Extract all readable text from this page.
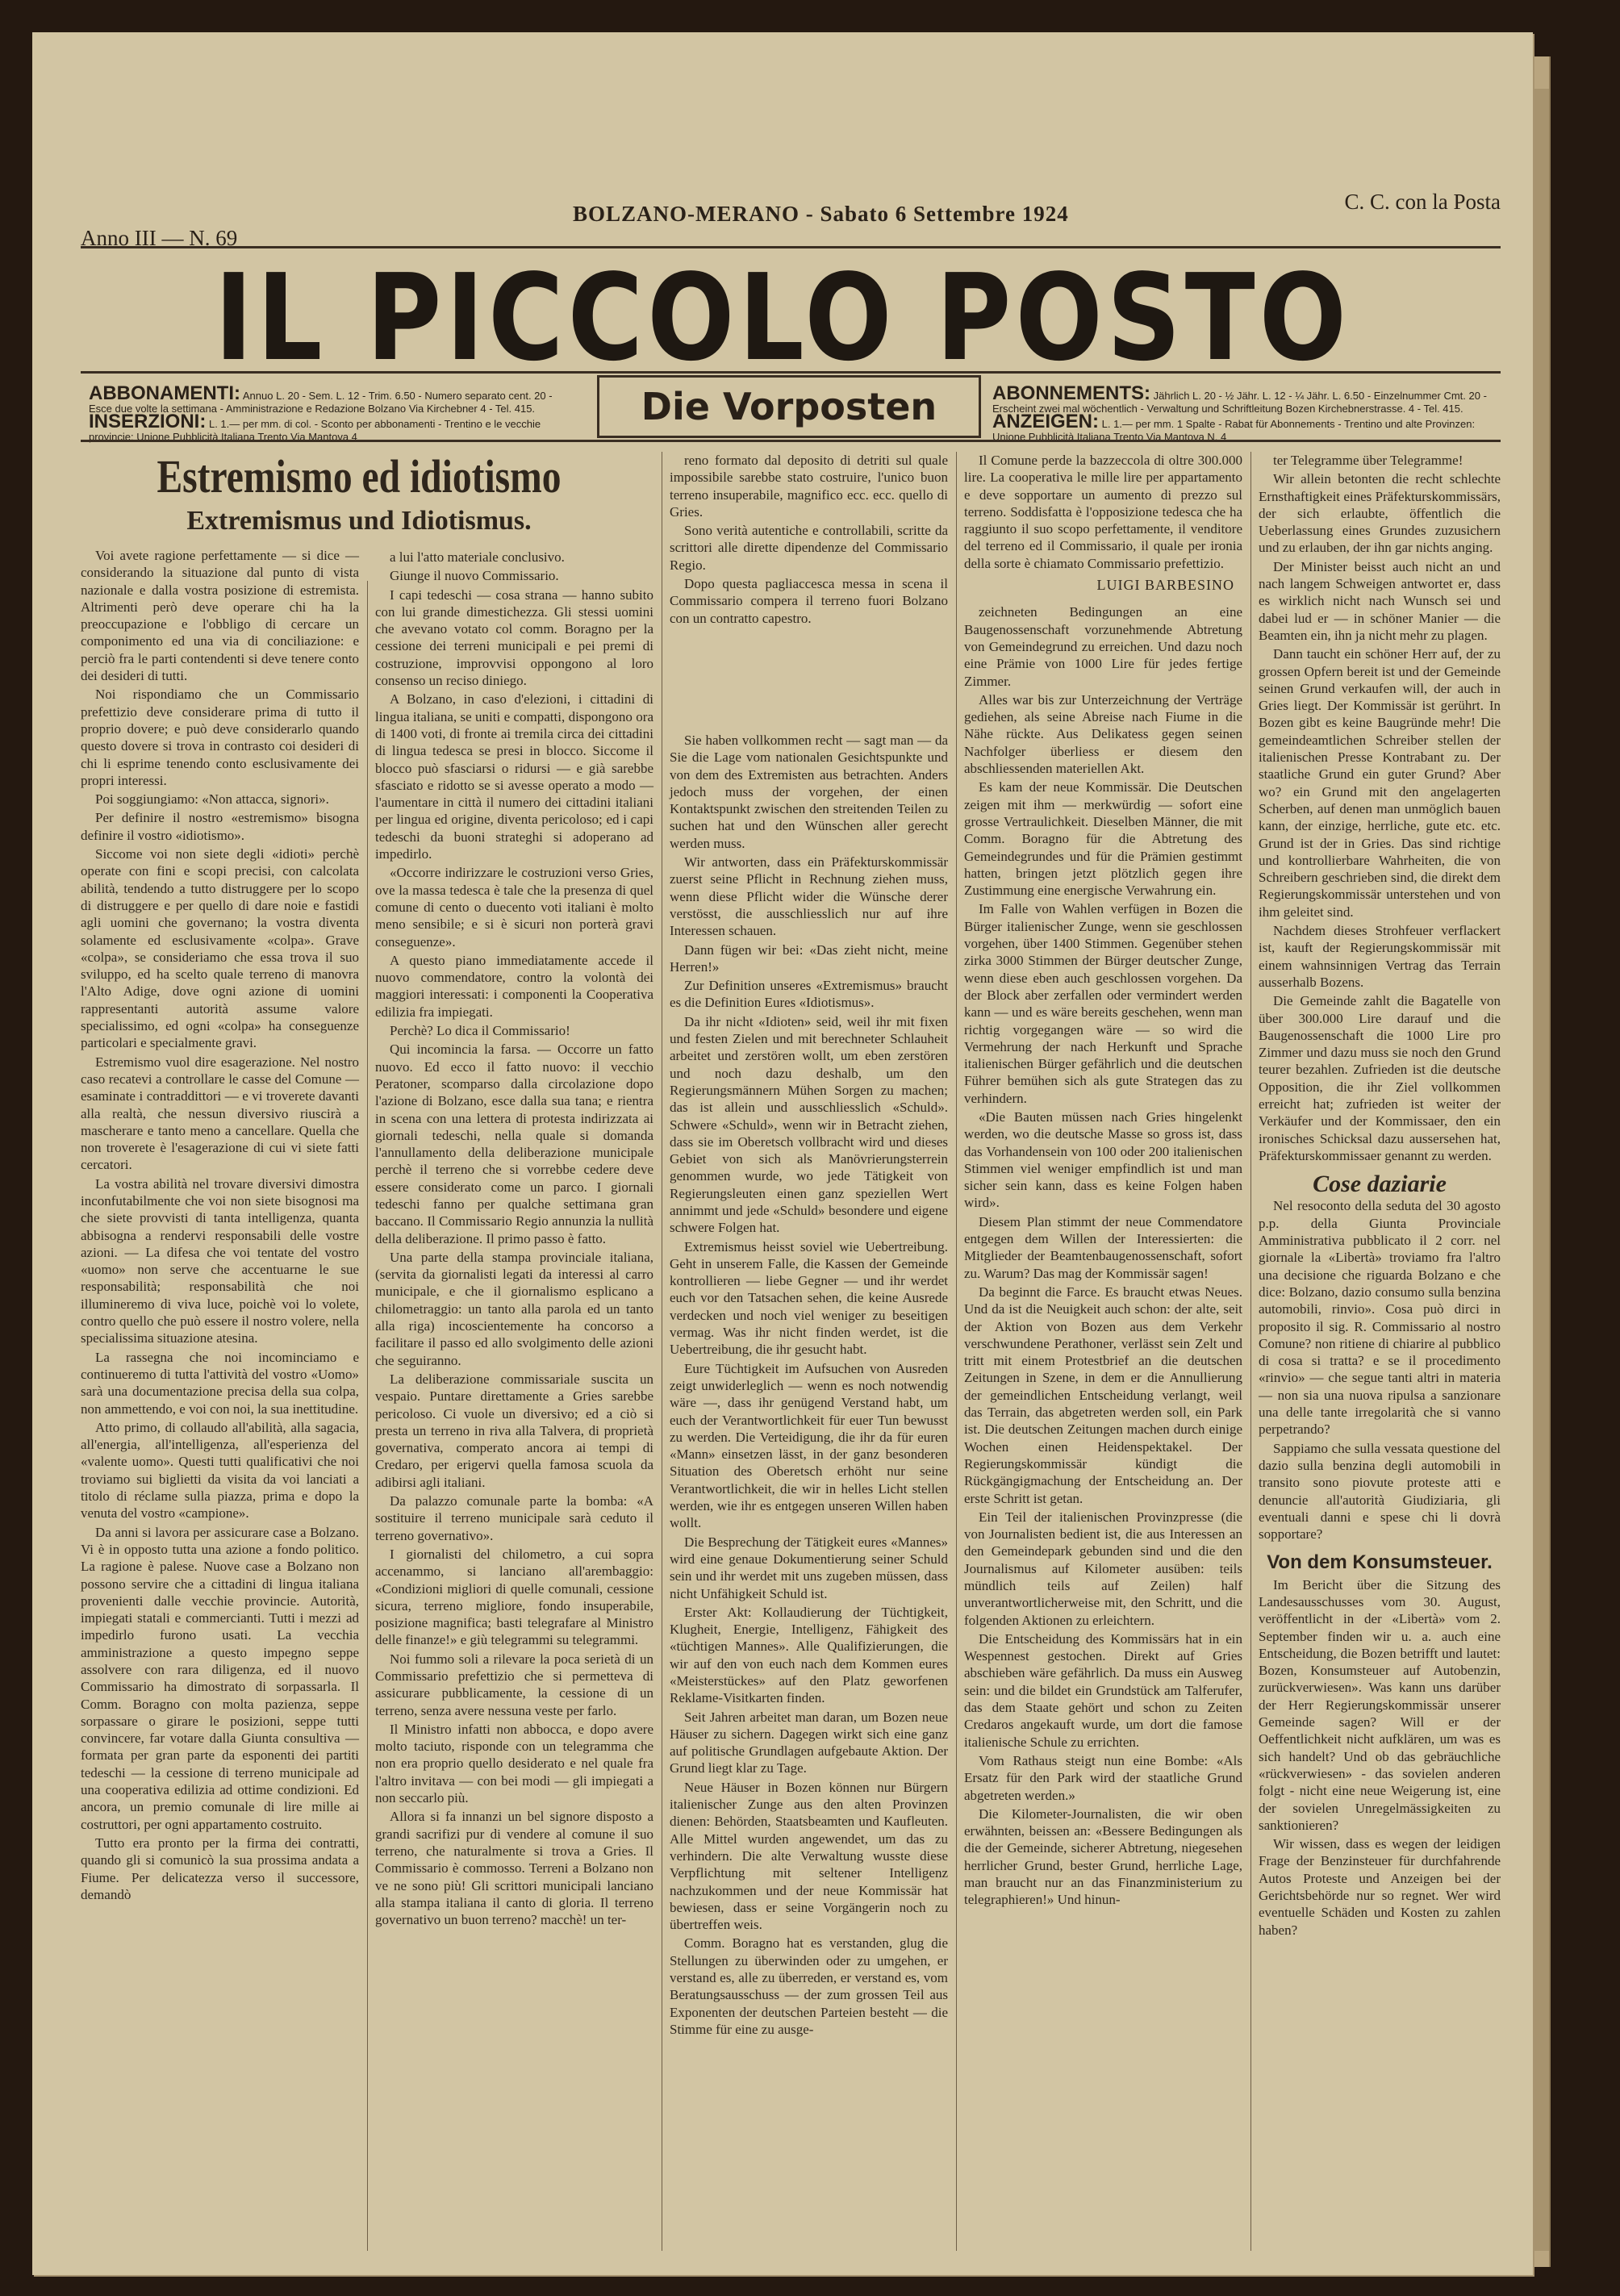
Anno III — N. 69
BOLZANO-MERANO - Sabato 6 Settembre 1924	C. C. con la Posta
IL PICCOLO POSTO
ABBONAMENTI: Annuo L. 20 - Sem. L. 12 - Trim. 6.50 - Numero separato cent. 20 - Esce due volte la settimana - Amministrazione e Redazione Bolzano Via Kirchebner 4 - Tel. 415.
INSERZIONI: L. 1.— per mm. di col. - Sconto per abbonamenti - Trentino e le vecchie provincie: Unione Pubblicità Italiana Trento Via Mantova 4
Die Vorposten	ABONNEMENTS: Jährlich L. 20 - ½ Jähr. L. 12 - ¼ Jähr. L. 6.50 - Einzelnummer Cmt. 20 - Erscheint zwei mal wöchentlich - Verwaltung und Schriftleitung Bozen Kirchebnerstrasse. 4 - Tel. 415.
ANZEIGEN: L. 1.— per mm. 1 Spalte - Rabat für Abonnements - Trentino und alte Provinzen: Unione Pubblicità Italiana Trento Via Mantova N. 4
Estremismo ed idiotismo
Extremismus und Idiotismus.

Voi avete ragione perfettamente — si dice — considerando la situazione dal punto di vista nazionale e dalla vostra posizione di estremista. Altrimenti però deve operare chi ha la preoccupazione e l'obbligo di cercare un componimento ed una via di conciliazione: e perciò fra le parti contendenti si deve tenere conto dei desideri di tutti.

Noi rispondiamo che un Commissario prefettizio deve considerare prima di tutto il proprio dovere; e può deve considerarlo quando questo dovere si trova in contrasto coi desideri di chi li esprime tenendo conto esclusivamente dei propri interessi.

Poi soggiungiamo: «Non attacca, signori».

Per definire il nostro «estremismo» bisogna definire il vostro «idiotismo».

Siccome voi non siete degli «idioti» perchè operate con fini e scopi precisi, con calcolata abilità, tendendo a tutto distruggere per lo scopo di distruggere e per quello di dare noie e fastidi agli uomini che governano; la vostra diventa solamente ed esclusivamente «colpa». Grave «colpa», se consideriamo che essa trova il suo sviluppo, ed ha scelto quale terreno di manovra l'Alto Adige, dove ogni azione di uomini rappresentanti autorità assume valore specialissimo, ed ogni «colpa» ha conseguenze particolari e specialmente gravi.

Estremismo vuol dire esagerazione. Nel nostro caso recatevi a controllare le casse del Comune — esaminate i contraddittori — e vi troverete davanti alla realtà, che nessun diversivo riuscirà a mascherare e tanto meno a cancellare. Quella che non troverete è l'esagerazione di cui vi siete fatti cercatori.

La vostra abilità nel trovare diversivi dimostra inconfutabilmente che voi non siete bisognosi ma che siete provvisti di tanta intelligenza, quanta abbisogna a rendervi responsabili delle vostre azioni. — La difesa che voi tentate del vostro «uomo» non serve che accentuarne le sue responsabilità; responsabilità che noi illumineremo di viva luce, poichè voi lo volete, contro quello che può essere il nostro volere, nella specialissima situazione atesina.

La rassegna che noi incominciamo e continueremo di tutta l'attività del vostro «Uomo» sarà una documentazione precisa della sua colpa, non ammettendo, e voi con noi, la sua inettitudine.

Atto primo, di collaudo all'abilità, alla sagacia, all'energia, all'intelligenza, all'esperienza del «valente uomo». Questi tutti qualificativi che noi troviamo sui biglietti da visita da voi lanciati a titolo di réclame sulla piazza, prima e dopo la venuta del vostro «campione».

Da anni si lavora per assicurare case a Bolzano. Vi è in opposto tutta una azione a fondo politico. La ragione è palese. Nuove case a Bolzano non possono servire che a cittadini di lingua italiana provenienti dalle vecchie provincie. Autorità, impiegati statali e commercianti. Tutti i mezzi ad impedirlo furono usati. La vecchia amministrazione a questo impegno seppe assolvere con rara diligenza, ed il nuovo Commissario ha dimostrato di sorpassarla. Il Comm. Boragno con molta pazienza, seppe sorpassare o girare le posizioni, seppe tutti convincere, far votare dalla Giunta consultiva — formata per gran parte da esponenti dei partiti tedeschi — la cessione di terreno municipale ad una cooperativa edilizia ad ottime condizioni. Ed ancora, un premio comunale di lire mille ai costruttori, per ogni appartamento costruito.

Tutto era pronto per la firma dei contratti, quando gli si comunicò la sua prossima andata a Fiume. Per delicatezza verso il successore, demandò

a lui l'atto materiale conclusivo.

Giunge il nuovo Commissario.

I capi tedeschi — cosa strana — hanno subito con lui grande dimestichezza. Gli stessi uomini che avevano votato col comm. Boragno per la cessione dei terreni municipali e pei premi di costruzione, improvvisi oppongono al loro consenso un reciso diniego.

A Bolzano, in caso d'elezioni, i cittadini di lingua italiana, se uniti e compatti, dispongono ora di 1400 voti, di fronte ai tremila circa dei cittadini di lingua tedesca se presi in blocco. Siccome il blocco può sfasciarsi o ridursi — e già sarebbe sfasciato e ridotto se si avesse operato a modo — l'aumentare in città il numero dei cittadini italiani per lingua ed origine, diventa pericoloso; ed i capi tedeschi da buoni strateghi si adoperano ad impedirlo.

«Occorre indirizzare le costruzioni verso Gries, ove la massa tedesca è tale che la presenza di quel comune di cento o duecento voti italiani è molto meno sensibile; e si è sicuri non porterà gravi conseguenze».

A questo piano immediatamente accede il nuovo commendatore, contro la volontà dei maggiori interessati: i componenti la Cooperativa edilizia fra impiegati.

Perchè? Lo dica il Commissario!

Qui incomincia la farsa. — Occorre un fatto nuovo. Ed ecco il fatto nuovo: il vecchio Peratoner, scomparso dalla circolazione dopo l'azione di Bolzano, esce dalla sua tana; e rientra in scena con una lettera di protesta indirizzata ai giornali tedeschi, nella quale si domanda l'annullamento della deliberazione municipale perchè il terreno che si vorrebbe cedere deve essere considerato come un parco. I giornali tedeschi fanno per qualche settimana gran baccano. Il Commissario Regio annunzia la nullità della deliberazione. Il primo passo è fatto.

Una parte della stampa provinciale italiana, (servita da giornalisti legati da interessi al carro municipale, e che il giornalismo esplicano a chilometraggio: un tanto alla parola ed un tanto alla riga) incoscientemente ha concorso a facilitare il passo ed allo svolgimento delle azioni che seguiranno.

La deliberazione commissariale suscita un vespaio. Puntare direttamente a Gries sarebbe pericoloso. Ci vuole un diversivo; ed a ciò si presta un terreno in riva alla Talvera, di proprietà governativa, comperato ancora ai tempi di Credaro, per erigervi quella famosa scuola da adibirsi agli italiani.

Da palazzo comunale parte la bomba: «A sostituire il terreno municipale sarà ceduto il terreno governativo».

I giornalisti del chilometro, a cui sopra accenammo, si lanciano all'arembaggio: «Condizioni migliori di quelle comunali, cessione sicura, terreno migliore, fondo insuperabile, posizione magnifica; basti telegrafare al Ministro delle finanze!» e giù telegrammi su telegrammi.

Noi fummo soli a rilevare la poca serietà di un Commissario prefettizio che si permetteva di assicurare pubblicamente, la cessione di un terreno, senza avere nessuna veste per farlo.

Il Ministro infatti non abbocca, e dopo avere molto taciuto, risponde con un telegramma che non era proprio quello desiderato e nel quale fra l'altro invitava — con bei modi — gli impiegati a non seccarlo più.

Allora si fa innanzi un bel signore disposto a grandi sacrifizi pur di vendere al comune il suo terreno, che naturalmente si trova a Gries. Il Commissario è commosso. Terreni a Bolzano non ve ne sono più! Gli scrittori municipali lanciano alla stampa italiana il canto di gloria. Il terreno governativo un buon terreno? macchè! un ter-

reno formato dal deposito di detriti sul quale impossibile sarebbe stato costruire, l'unico buon terreno insuperabile, magnifico ecc. ecc. quello di Gries.

Sono verità autentiche e controllabili, scritte da scrittori alle dirette dipendenze del Commissario Regio.

Dopo questa pagliaccesca messa in scena il Commissario compera il terreno fuori Bolzano con un contratto capestro.

Sie haben vollkommen recht — sagt man — da Sie die Lage vom nationalen Gesichtspunkte und von dem des Extremisten aus betrachten. Anders jedoch muss der vorgehen, der einen Kontaktspunkt zwischen den streitenden Teilen zu suchen hat und den Wünschen aller gerecht werden muss.

Wir antworten, dass ein Präfekturskommissär zuerst seine Pflicht in Rechnung ziehen muss, wenn diese Pflicht wider die Wünsche derer verstösst, die ausschliesslich nur auf ihre Interessen schauen.

Dann fügen wir bei: «Das zieht nicht, meine Herren!»

Zur Definition unseres «Extremismus» braucht es die Definition Eures «Idiotismus».

Da ihr nicht «Idioten» seid, weil ihr mit fixen und festen Zielen und mit berechneter Schlauheit arbeitet und zerstören wollt, um eben zerstören und noch dazu deshalb, um den Regierungsmännern Mühen Sorgen zu machen; das ist allein und ausschliesslich «Schuld». Schwere «Schuld», wenn wir in Betracht ziehen, dass sie im Oberetsch vollbracht wird und dieses Gebiet von sich als Manövrierungsterrein genommen wurde, wo jede Tätigkeit von Regierungsleuten einen ganz speziellen Wert annimmt und jede «Schuld» besondere und eigene schwere Folgen hat.

Extremismus heisst soviel wie Uebertreibung. Geht in unserem Falle, die Kassen der Gemeinde kontrollieren — liebe Gegner — und ihr werdet euch vor den Tatsachen sehen, die keine Ausrede verdecken und noch viel weniger zu beseitigen vermag. Was ihr nicht finden werdet, ist die Uebertreibung, die ihr gesucht habt.

Eure Tüchtigkeit im Aufsuchen von Ausreden zeigt unwiderleglich — wenn es noch notwendig wäre —, dass ihr genügend Verstand habt, um euch der Verantwortlichkeit für euer Tun bewusst zu werden. Die Verteidigung, die ihr da für euren «Mann» einsetzen lässt, in der ganz besonderen Situation des Oberetsch erhöht nur seine Verantwortlichkeit, die wir in helles Licht stellen werden, wie ihr es entgegen unseren Willen haben wollt.

Die Besprechung der Tätigkeit eures «Mannes» wird eine genaue Dokumentierung seiner Schuld sein und ihr werdet mit uns zugeben müssen, dass nicht Unfähigkeit Schuld ist.

Erster Akt: Kollaudierung der Tüchtigkeit, Klugheit, Energie, Intelligenz, Fähigkeit des «tüchtigen Mannes». Alle Qualifizierungen, die wir auf den von euch nach dem Kommen eures «Meisterstückes» auf den Platz geworfenen Reklame-Visitkarten finden.

Seit Jahren arbeitet man daran, um Bozen neue Häuser zu sichern. Dagegen wirkt sich eine ganz auf politische Grundlagen aufgebaute Aktion. Der Grund liegt klar zu Tage.

Neue Häuser in Bozen können nur Bürgern italienischer Zunge aus den alten Provinzen dienen: Behörden, Staatsbeamten und Kaufleuten. Alle Mittel wurden angewendet, um das zu verhindern. Die alte Verwaltung wusste diese Verpflichtung mit seltener Intelligenz nachzukommen und der neue Kommissär hat bewiesen, dass er seine Vorgängerin noch zu übertreffen weis.

Comm. Boragno hat es verstanden, glug die Stellungen zu überwinden oder zu umgehen, er verstand es, alle zu überreden, er verstand es, vom Beratungsausschuss — der zum grossen Teil aus Exponenten der deutschen Parteien besteht — die Stimme für eine zu ausge-

Il Comune perde la bazzeccola di oltre 300.000 lire. La cooperativa le mille lire per appartamento e deve sopportare un aumento di prezzo sul terreno. Soddisfatta è l'opposizione tedesca che ha raggiunto il suo scopo perfettamente, il venditore del terreno ed il Commissario, il quale per ironia della sorte è chiamato Commissario prefettizio.

LUIGI BARBESINO

zeichneten Bedingungen an eine Baugenossenschaft vorzunehmende Abtretung von Gemeindegrund zu erreichen. Und dazu noch eine Prämie von 1000 Lire für jedes fertige Zimmer.

Alles war bis zur Unterzeichnung der Verträge gediehen, als seine Abreise nach Fiume in die Nähe rückte. Aus Delikatess gegen seinen Nachfolger überliess er diesem den abschliessenden materiellen Akt.

Es kam der neue Kommissär. Die Deutschen zeigen mit ihm — merkwürdig — sofort eine grosse Vertraulichkeit. Dieselben Männer, die mit Comm. Boragno für die Abtretung des Gemeindegrundes und für die Prämien gestimmt hatten, bringen jetzt plötzlich gegen ihre Zustimmung eine energische Verwahrung ein.

Im Falle von Wahlen verfügen in Bozen die Bürger italienischer Zunge, wenn sie geschlossen vorgehen, über 1400 Stimmen. Gegenüber stehen zirka 3000 Stimmen der Bürger deutscher Zunge, wenn diese eben auch geschlossen vorgehen. Da der Block aber zerfallen oder vermindert werden kann — und es wäre bereits geschehen, wenn man richtig vorgegangen wäre — so wird die Vermehrung der nach Herkunft und Sprache italienischen Bürger gefährlich und die deutschen Führer bemühen sich als gute Strategen das zu verhindern.

«Die Bauten müssen nach Gries hingelenkt werden, wo die deutsche Masse so gross ist, dass das Vorhandensein von 100 oder 200 italienischen Stimmen viel weniger empfindlich ist und man sicher sein kann, dass es keine Folgen haben wird».

Diesem Plan stimmt der neue Commendatore entgegen dem Willen der Interessierten: die Mitglieder der Beamtenbaugenossenschaft, sofort zu. Warum? Das mag der Kommissär sagen!

Da beginnt die Farce. Es braucht etwas Neues. Und da ist die Neuigkeit auch schon: der alte, seit der Aktion von Bozen aus dem Verkehr verschwundene Perathoner, verlässt sein Zelt und tritt mit einem Protestbrief an die deutschen Zeitungen in Szene, in dem er die Annullierung der gemeindlichen Entscheidung verlangt, weil das Terrain, das abgetreten werden soll, ein Park ist. Die deutschen Zeitungen machen durch einige Wochen einen Heidenspektakel. Der Regierungskommissär kündigt die Rückgängigmachung der Entscheidung an. Der erste Schritt ist getan.

Ein Teil der italienischen Provinzpresse (die von Journalisten bedient ist, die aus Interessen an den Gemeindepark gebunden sind und die den Journalismus auf Kilometer ausüben: teils mündlich teils auf Zeilen) half unverantwortlicherweise mit, den Schritt, und die folgenden Aktionen zu erleichtern.

Die Entscheidung des Kommissärs hat in ein Wespennest gestochen. Direkt auf Gries abschieben wäre gefährlich. Da muss ein Ausweg sein: und die bildet ein Grundstück am Talferufer, das dem Staate gehört und schon zu Zeiten Credaros angekauft wurde, um dort die famose italienische Schule zu errichten.

Vom Rathaus steigt nun eine Bombe: «Als Ersatz für den Park wird der staatliche Grund abgetreten werden.»

Die Kilometer-Journalisten, die wir oben erwähnten, beissen an: «Bessere Bedingungen als die der Gemeinde, sicherer Abtretung, niegesehen herrlicher Grund, bester Grund, herrliche Lage, man braucht nur an das Finanzministerium zu telegraphieren!» Und hinun-

ter Telegramme über Telegramme!

Wir allein betonten die recht schlechte Ernsthaftigkeit eines Präfekturskommissärs, der sich erlaubte, öffentlich die Ueberlassung eines Grundes zuzusichern und zu erlauben, der ihn gar nichts anging.

Der Minister beisst auch nicht an und nach langem Schweigen antwortet er, dass es wirklich nicht nach Wunsch sei und dabei lud er — in schöner Manier — die Beamten ein, ihn ja nicht mehr zu plagen.

Dann taucht ein schöner Herr auf, der zu grossen Opfern bereit ist und der Gemeinde seinen Grund verkaufen will, der auch in Gries liegt. Der Kommissär ist gerührt. In Bozen gibt es keine Baugründe mehr! Die gemeindeamtlichen Schreiber stellen der italienischen Presse Kontrabant zu. Der staatliche Grund ein guter Grund? Aber wo? ein Grund mit den angelagerten Scherben, auf denen man unmöglich bauen kann, der einzige, herrliche, gute etc. etc. Grund ist der in Gries. Das sind richtige und kontrollierbare Wahrheiten, die von Schreibern geschrieben sind, die direkt dem Regierungskommissär unterstehen und von ihm geleitet sind.

Nachdem dieses Strohfeuer verflackert ist, kauft der Regierungskommissär mit einem wahnsinnigen Vertrag das Terrain ausserhalb Bozens.

Die Gemeinde zahlt die Bagatelle von über 300.000 Lire darauf und die Baugenossenschaft die 1000 Lire pro Zimmer und dazu muss sie noch den Grund teurer bezahlen. Zufrieden ist die deutsche Opposition, die ihr Ziel vollkommen erreicht hat; zufrieden ist weiter der Verkäufer und der Kommissaer, den ein ironisches Schicksal dazu aussersehen hat, Präfekturskommissaer genannt zu werden.

Cose daziarie

Nel resoconto della seduta del 30 agosto p.p. della Giunta Provinciale Amministrativa pubblicato il 2 corr. nel giornale la «Libertà» troviamo fra l'altro una decisione che riguarda Bolzano e che dice: Bolzano, dazio consumo sulla benzina automobili, rinvio». Cosa può dirci in proposito il sig. R. Commissario al nostro Comune? non ritiene di chiarire al pubblico di cosa si tratta? e se il procedimento «rinvio» — che segue tanti altri in materia — non sia una nuova ripulsa a sanzionare una delle tante irregolarità che si vanno perpetrando?

Sappiamo che sulla vessata questione del dazio sulla benzina degli automobili in transito sono piovute proteste atti e denuncie all'autorità Giudiziaria, gli eventuali danni e spese chi li dovrà sopportare?

Von dem Konsumsteuer.

Im Bericht über die Sitzung des Landesausschusses vom 30. August, veröffentlicht in der «Libertà» vom 2. September finden wir u. a. auch eine Entscheidung, die Bozen betrifft und lautet: Bozen, Konsumsteuer auf Autobenzin, zurückverwiesen». Was kann uns darüber der Herr Regierungskommissär unserer Gemeinde sagen? Will er der Oeffentlichkeit nicht aufklären, um was es sich handelt? Und ob das gebräuchliche «rückverwiesen» - das sovielen anderen folgt - nicht eine neue Weigerung ist, eine der sovielen Unregelmässigkeiten zu sanktionieren?

Wir wissen, dass es wegen der leidigen Frage der Benzinsteuer für durchfahrende Autos Proteste und Anzeigen bei der Gerichtsbehörde nur so regnet. Wer wird eventuelle Schäden und Kosten zu zahlen haben?
